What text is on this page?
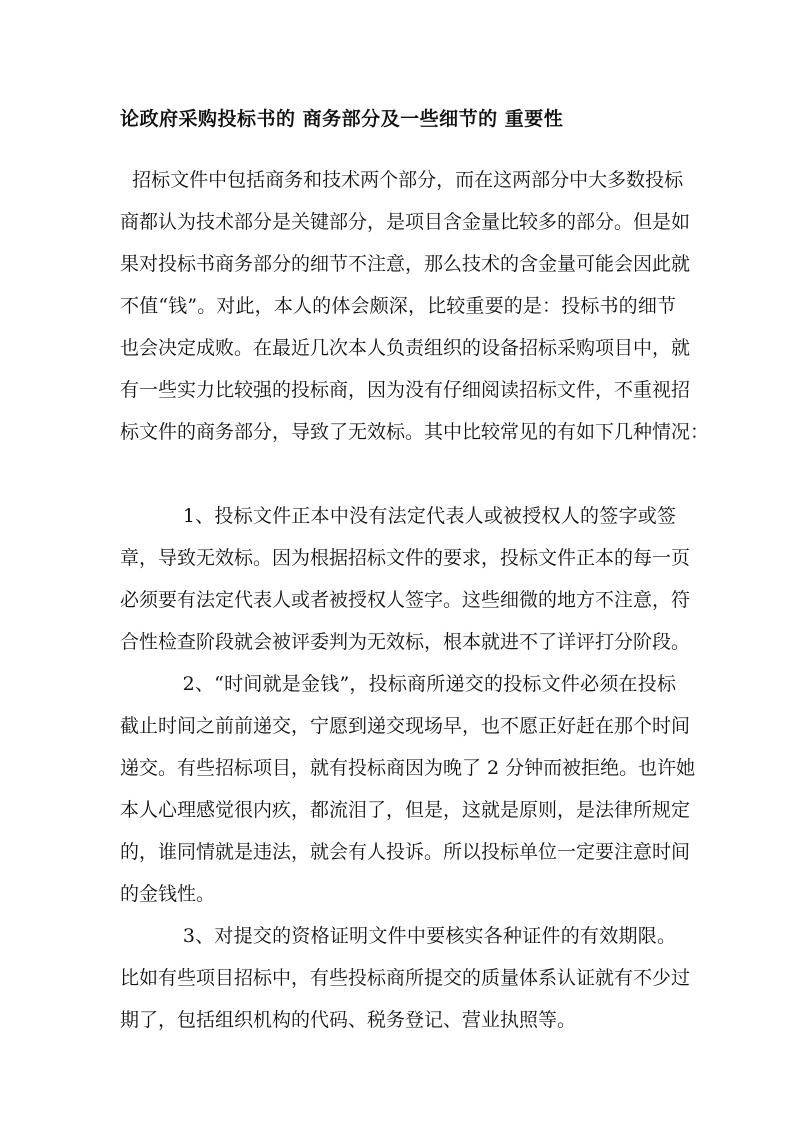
论政府采购投标书的 商务部分及一些细节的 重要性
招标文件中包括商务和技术两个部分，而在这两部分中大多数投标
商都认为技术部分是关键部分，是项目含金量比较多的部分。但是如
果对投标书商务部分的细节不注意，那么技术的含金量可能会因此就
不值“钱”。对此，本人的体会颇深，比较重要的是：投标书的细节
也会决定成败。在最近几次本人负责组织的设备招标采购项目中，就
有一些实力比较强的投标商，因为没有仔细阅读招标文件，不重视招
标文件的商务部分，导致了无效标。其中比较常见的有如下几种情况：
1、投标文件正本中没有法定代表人或被授权人的签字或签
章，导致无效标。因为根据招标文件的要求，投标文件正本的每一页
必须要有法定代表人或者被授权人签字。这些细微的地方不注意，符
合性检查阶段就会被评委判为无效标，根本就进不了详评打分阶段。
2、“时间就是金钱”，投标商所递交的投标文件必须在投标
截止时间之前前递交，宁愿到递交现场早，也不愿正好赶在那个时间
递交。有些招标项目，就有投标商因为晚了 2 分钟而被拒绝。也许她
本人心理感觉很内疚，都流泪了，但是，这就是原则，是法律所规定
的，谁同情就是违法，就会有人投诉。所以投标单位一定要注意时间
的金钱性。
3、对提交的资格证明文件中要核实各种证件的有效期限。
比如有些项目招标中，有些投标商所提交的质量体系认证就有不少过
期了，包括组织机构的代码、税务登记、营业执照等。
